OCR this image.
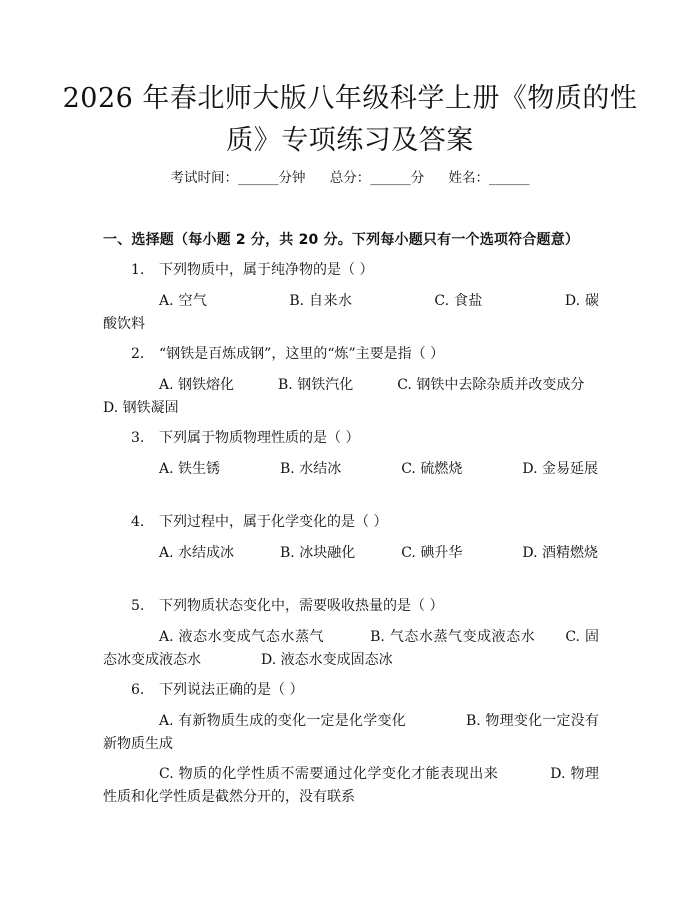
2026 年春北师大版八年级科学上册《物质的性质》专项练习及答案
考试时间：______分钟 总分：______分 姓名：______
一、选择题（每小题 2 分，共 20 分。下列每小题只有一个选项符合题意）
1. 下列物质中，属于纯净物的是（ ）
A. 空气	B. 自来水	C. 食盐	D. 碳酸饮料
2. “钢铁是百炼成钢”，这里的“炼”主要是指（ ）
A. 钢铁熔化	B. 钢铁汽化	C. 钢铁中去除杂质并改变成分D. 钢铁凝固
3. 下列属于物质物理性质的是（ ）
A. 铁生锈	B. 水结冰	C. 硫燃烧	D. 金易延展
4. 下列过程中，属于化学变化的是（ ）
A. 水结成冰	B. 冰块融化	C. 碘升华	D. 酒精燃烧
5. 下列物质状态变化中，需要吸收热量的是（ ）
A. 液态水变成气态水蒸气	B. 气态水蒸气变成液态水 C. 固态冰变成液态水	D. 液态水变成固态冰
6. 下列说法正确的是（ ）
A. 有新物质生成的变化一定是化学变化	B. 物理变化一定没有新物质生成
C. 物质的化学性质不需要通过化学变化才能表现出来	D. 物理性质和化学性质是截然分开的，没有联系
